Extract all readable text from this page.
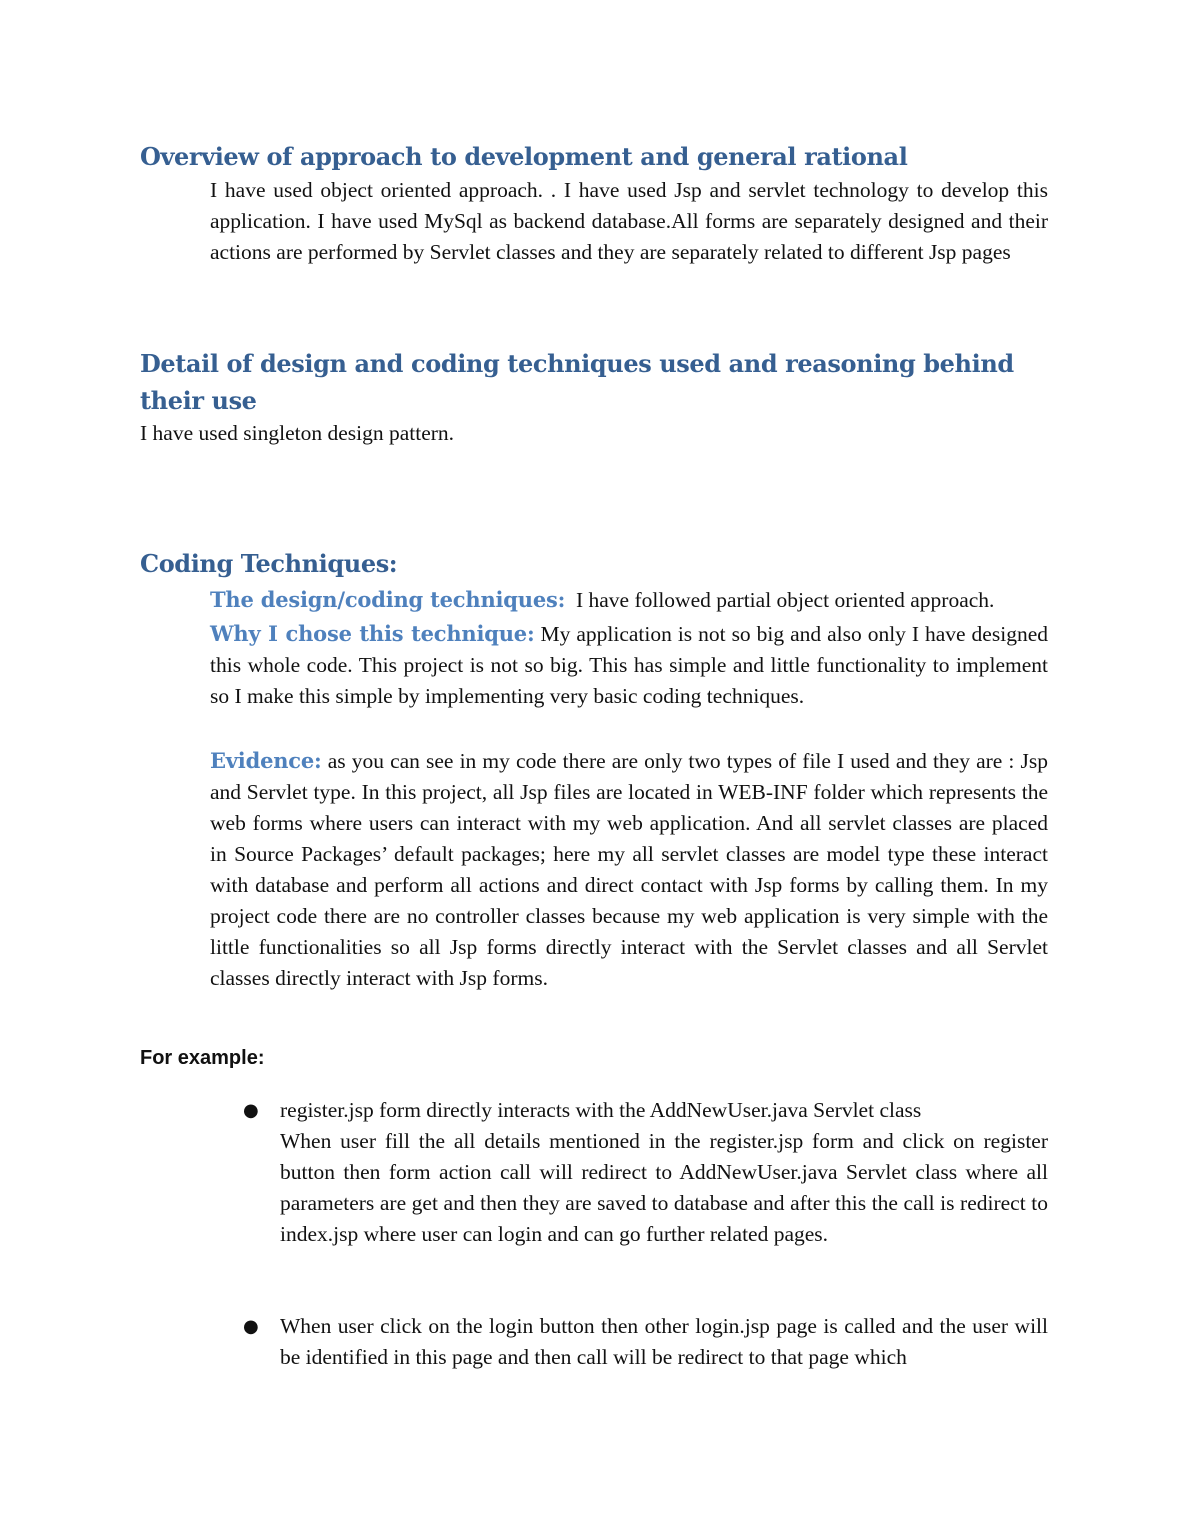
Overview of approach to development and general rational

I have used object oriented approach. . I have used Jsp and servlet technology to develop this application. I have used MySql as backend database.All forms are separately designed and their actions are performed by Servlet classes and they are separately related to different Jsp pages

Detail of design and coding techniques used and reasoning behind their use

I have used singleton design pattern.

Coding Techniques:

The design/coding techniques: I have followed partial object oriented approach.

Why I chose this technique: My application is not so big and also only I have designed this whole code. This project is not so big. This has simple and little functionality to implement so I make this simple by implementing very basic coding techniques.

Evidence: as you can see in my code there are only two types of file I used and they are : Jsp and Servlet type. In this project, all Jsp files are located in WEB-INF folder which represents the web forms where users can interact with my web application. And all servlet classes are placed in Source Packages’ default packages; here my all servlet classes are model type these interact with database and perform all actions and direct contact with Jsp forms by calling them. In my project code there are no controller classes because my web application is very simple with the little functionalities so all Jsp forms directly interact with the Servlet classes and all Servlet classes directly interact with Jsp forms.

For example:

● register.jsp form directly interacts with the AddNewUser.java Servlet class

When user fill the all details mentioned in the register.jsp form and click on register button then form action call will redirect to AddNewUser.java Servlet class where all parameters are get and then they are saved to database and after this the call is redirect to index.jsp where user can login and can go further related pages.

● When user click on the login button then other login.jsp page is called and the user will be identified in this page and then call will be redirect to that page which
